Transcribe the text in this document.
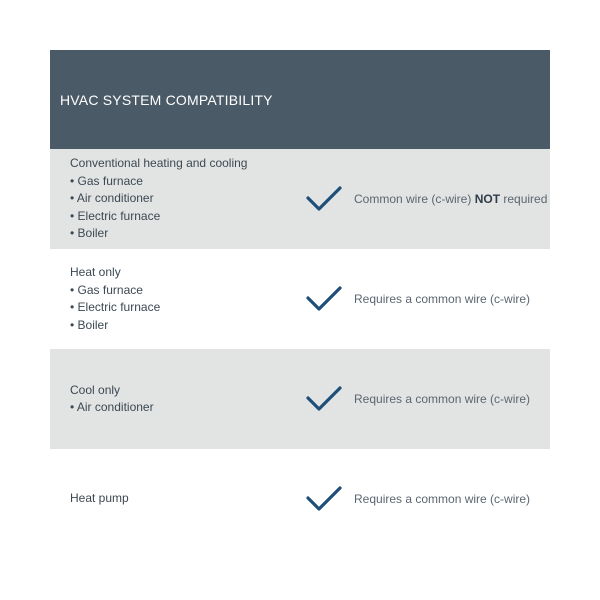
HVAC SYSTEM COMPATIBILITY
Conventional heating and cooling
• Gas furnace
• Air conditioner
• Electric furnace
• Boiler
Common wire (c-wire) NOT required
Heat only
• Gas furnace
• Electric furnace
• Boiler
Requires a common wire (c-wire)
Cool only
• Air conditioner
Requires a common wire (c-wire)
Heat pump	Requires a common wire (c-wire)
